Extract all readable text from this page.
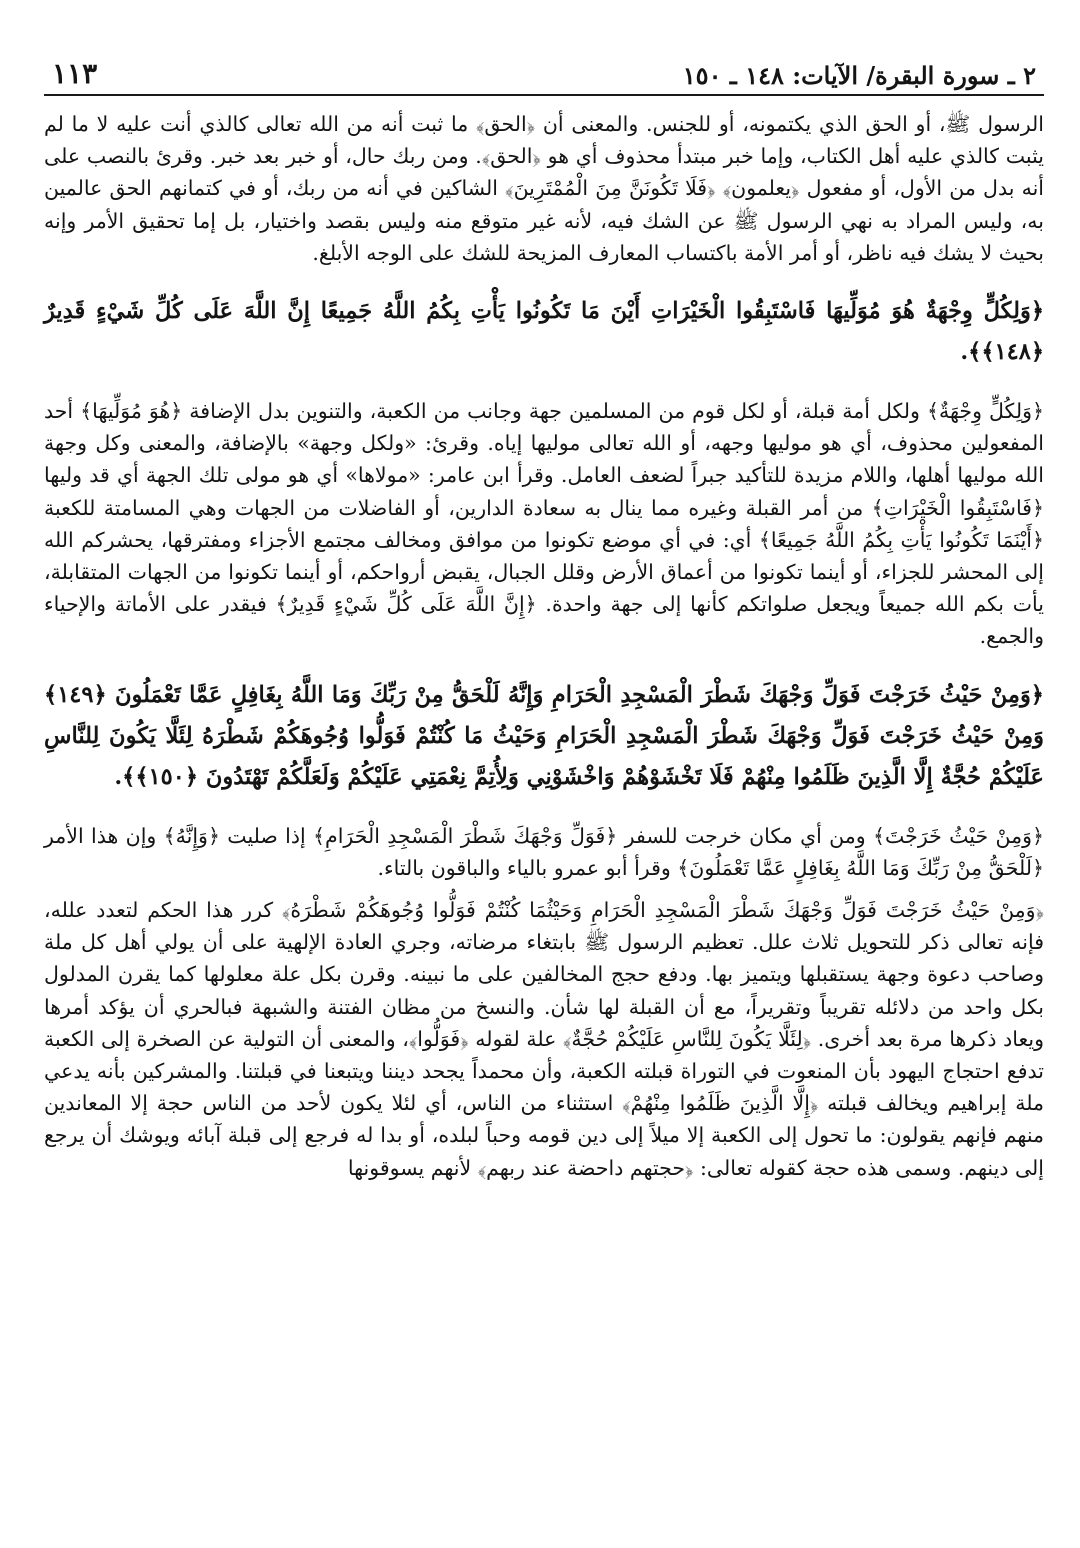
٢ ـ سورة البقرة/ الآيات: ١٤٨ ـ ١٥٠
١١٣

الرسول ﷺ، أو الحق الذي يكتمونه، أو للجنس. والمعنى أن ﴿الحق﴾ ما ثبت أنه من الله تعالى كالذي أنت عليه لا ما لم يثبت كالذي عليه أهل الكتاب، وإما خبر مبتدأ محذوف أي هو ﴿الحق﴾. ومن ربك حال، أو خبر بعد خبر. وقرئ بالنصب على أنه بدل من الأول، أو مفعول ﴿يعلمون﴾ ﴿فَلَا تَكُونَنَّ مِنَ الْمُمْتَرِينَ﴾ الشاكين في أنه من ربك، أو في كتمانهم الحق عالمين به، وليس المراد به نهي الرسول ﷺ عن الشك فيه، لأنه غير متوقع منه وليس بقصد واختيار، بل إما تحقيق الأمر وإنه بحيث لا يشك فيه ناظر، أو أمر الأمة باكتساب المعارف المزيحة للشك على الوجه الأبلغ.

﴿وَلِكُلٍّ وِجْهَةٌ هُوَ مُوَلِّيهَا فَاسْتَبِقُوا الْخَيْرَاتِ أَيْنَ مَا تَكُونُوا يَأْتِ بِكُمُ اللَّهُ جَمِيعًا إِنَّ اللَّهَ عَلَى كُلِّ شَيْءٍ قَدِيرٌ ﴿١٤٨﴾﴾.

﴿وَلِكُلٍّ وِجْهَةٌ﴾ ولكل أمة قبلة، أو لكل قوم من المسلمين جهة وجانب من الكعبة، والتنوين بدل الإضافة ﴿هُوَ مُوَلِّيهَا﴾ أحد المفعولين محذوف، أي هو موليها وجهه، أو الله تعالى موليها إياه. وقرئ: «ولكل وجهة» بالإضافة، والمعنى وكل وجهة الله موليها أهلها، واللام مزيدة للتأكيد جبراً لضعف العامل. وقرأ ابن عامر: «مولاها» أي هو مولى تلك الجهة أي قد وليها ﴿فَاسْتَبِقُوا الْخَيْرَاتِ﴾ من أمر القبلة وغيره مما ينال به سعادة الدارين، أو الفاضلات من الجهات وهي المسامتة للكعبة ﴿أَيْنَمَا تَكُونُوا يَأْتِ بِكُمُ اللَّهُ جَمِيعًا﴾ أي: في أي موضع تكونوا من موافق ومخالف مجتمع الأجزاء ومفترقها، يحشركم الله إلى المحشر للجزاء، أو أينما تكونوا من أعماق الأرض وقلل الجبال، يقبض أرواحكم، أو أينما تكونوا من الجهات المتقابلة، يأت بكم الله جميعاً ويجعل صلواتكم كأنها إلى جهة واحدة. ﴿إِنَّ اللَّهَ عَلَى كُلِّ شَيْءٍ قَدِيرٌ﴾ فيقدر على الأماتة والإحياء والجمع.

﴿وَمِنْ حَيْثُ خَرَجْتَ فَوَلِّ وَجْهَكَ شَطْرَ الْمَسْجِدِ الْحَرَامِ وَإِنَّهُ لَلْحَقُّ مِنْ رَبِّكَ وَمَا اللَّهُ بِغَافِلٍ عَمَّا تَعْمَلُونَ ﴿١٤٩﴾ وَمِنْ حَيْثُ خَرَجْتَ فَوَلِّ وَجْهَكَ شَطْرَ الْمَسْجِدِ الْحَرَامِ وَحَيْثُ مَا كُنْتُمْ فَوَلُّوا وُجُوهَكُمْ شَطْرَهُ لِئَلَّا يَكُونَ لِلنَّاسِ عَلَيْكُمْ حُجَّةٌ إِلَّا الَّذِينَ ظَلَمُوا مِنْهُمْ فَلَا تَخْشَوْهُمْ وَاخْشَوْنِي وَلِأُتِمَّ نِعْمَتِي عَلَيْكُمْ وَلَعَلَّكُمْ تَهْتَدُونَ ﴿١٥٠﴾﴾.

﴿وَمِنْ حَيْثُ خَرَجْتَ﴾ ومن أي مكان خرجت للسفر ﴿فَوَلِّ وَجْهَكَ شَطْرَ الْمَسْجِدِ الْحَرَامِ﴾ إذا صليت ﴿وَإِنَّهُ﴾ وإن هذا الأمر ﴿لَلْحَقُّ مِنْ رَبِّكَ وَمَا اللَّهُ بِغَافِلٍ عَمَّا تَعْمَلُونَ﴾ وقرأ أبو عمرو بالياء والباقون بالتاء.

﴿وَمِنْ حَيْثُ خَرَجْتَ فَوَلِّ وَجْهَكَ شَطْرَ الْمَسْجِدِ الْحَرَامِ وَحَيْثُمَا كُنْتُمْ فَوَلُّوا وُجُوهَكُمْ شَطْرَهُ﴾ كرر هذا الحكم لتعدد علله، فإنه تعالى ذكر للتحويل ثلاث علل. تعظيم الرسول ﷺ بابتغاء مرضاته، وجري العادة الإلهية على أن يولي أهل كل ملة وصاحب دعوة وجهة يستقبلها ويتميز بها. ودفع حجج المخالفين على ما نبينه. وقرن بكل علة معلولها كما يقرن المدلول بكل واحد من دلائله تقريباً وتقريراً، مع أن القبلة لها شأن. والنسخ من مظان الفتنة والشبهة فبالحري أن يؤكد أمرها ويعاد ذكرها مرة بعد أخرى. ﴿لِئَلَّا يَكُونَ لِلنَّاسِ عَلَيْكُمْ حُجَّةٌ﴾ علة لقوله ﴿فَوَلُّوا﴾، والمعنى أن التولية عن الصخرة إلى الكعبة تدفع احتجاج اليهود بأن المنعوت في التوراة قبلته الكعبة، وأن محمداً يجحد ديننا ويتبعنا في قبلتنا. والمشركين بأنه يدعي ملة إبراهيم ويخالف قبلته ﴿إِلَّا الَّذِينَ ظَلَمُوا مِنْهُمْ﴾ استثناء من الناس، أي لئلا يكون لأحد من الناس حجة إلا المعاندين منهم فإنهم يقولون: ما تحول إلى الكعبة إلا ميلاً إلى دين قومه وحباً لبلده، أو بدا له فرجع إلى قبلة آبائه ويوشك أن يرجع إلى دينهم. وسمى هذه حجة كقوله تعالى: ﴿حجتهم داحضة عند ربهم﴾ لأنهم يسوقونها
